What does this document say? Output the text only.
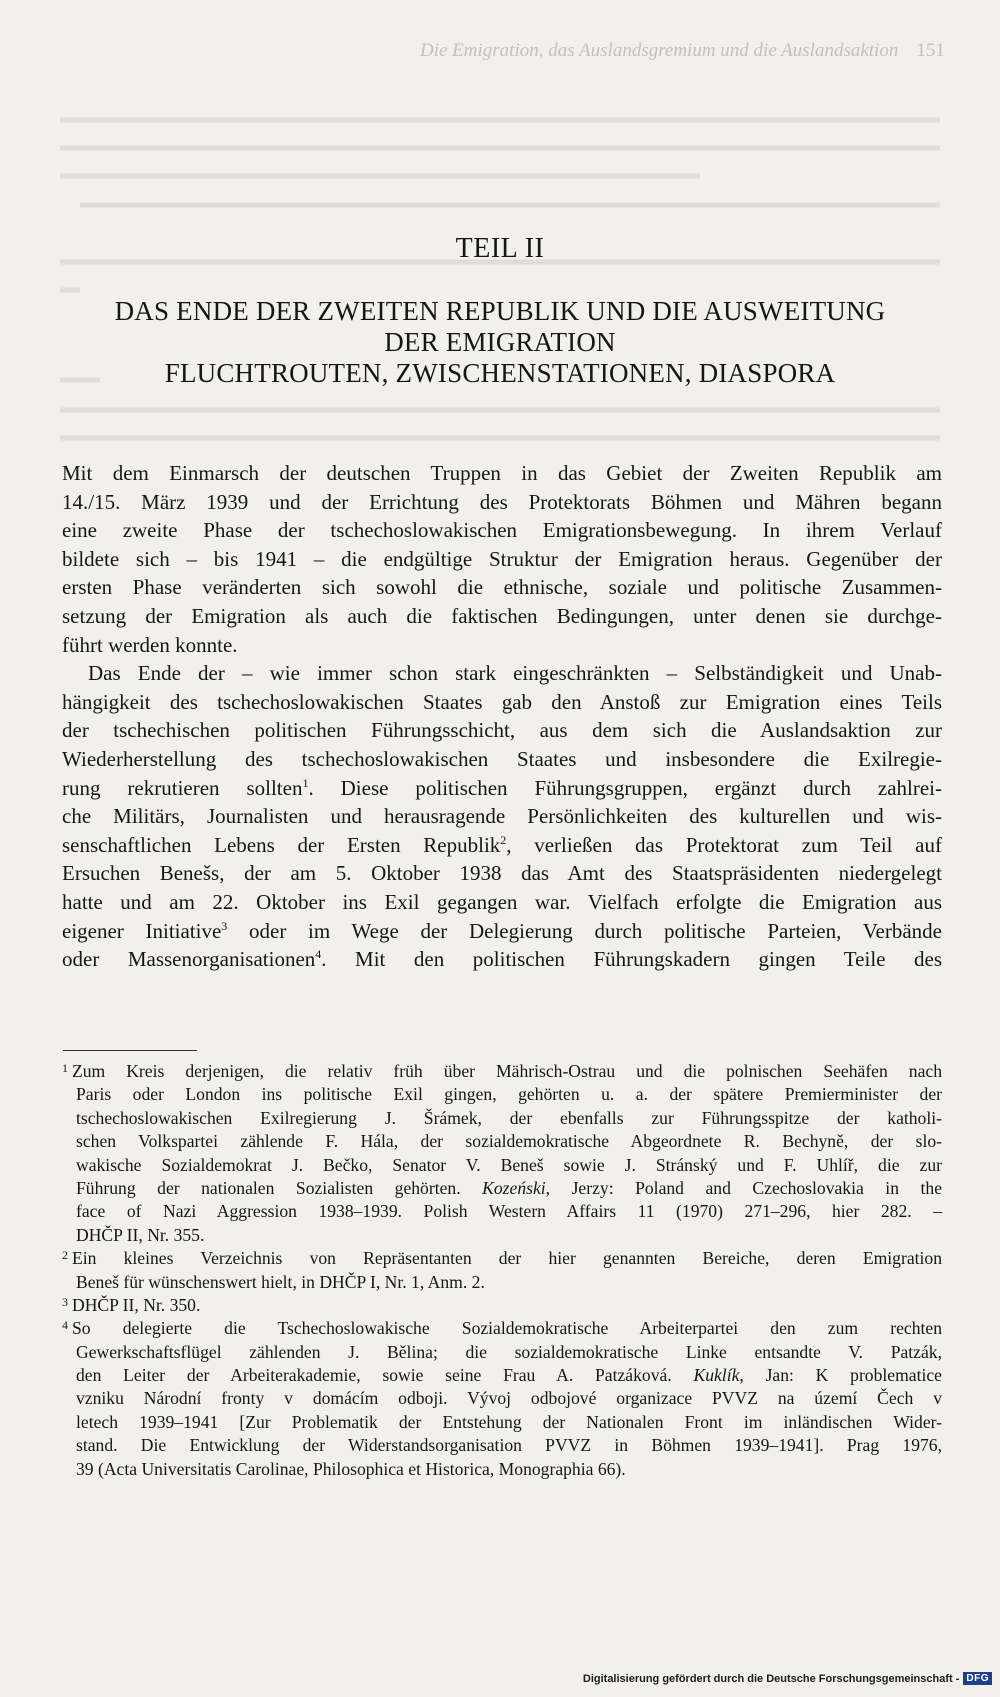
Die Emigration, das Auslandsgremium und die Auslandsaktion 151
TEIL II
DAS ENDE DER ZWEITEN REPUBLIK UND DIE AUSWEITUNG
DER EMIGRATION
FLUCHTROUTEN, ZWISCHENSTATIONEN, DIASPORA
Mit dem Einmarsch der deutschen Truppen in das Gebiet der Zweiten Republik am
14./15. März 1939 und der Errichtung des Protektorats Böhmen und Mähren begann
eine zweite Phase der tschechoslowakischen Emigrationsbewegung. In ihrem Verlauf
bildete sich – bis 1941 – die endgültige Struktur der Emigration heraus. Gegenüber der
ersten Phase veränderten sich sowohl die ethnische, soziale und politische Zusammen-
setzung der Emigration als auch die faktischen Bedingungen, unter denen sie durchge-
führt werden konnte.
Das Ende der – wie immer schon stark eingeschränkten – Selbständigkeit und Unab-
hängigkeit des tschechoslowakischen Staates gab den Anstoß zur Emigration eines Teils
der tschechischen politischen Führungsschicht, aus dem sich die Auslandsaktion zur
Wiederherstellung des tschechoslowakischen Staates und insbesondere die Exilregie-
rung rekrutieren sollten$^1$. Diese politischen Führungsgruppen, ergänzt durch zahlrei-
che Militärs, Journalisten und herausragende Persönlichkeiten des kulturellen und wis-
senschaftlichen Lebens der Ersten Republik$^2$, verließen das Protektorat zum Teil auf
Ersuchen Benešs, der am 5. Oktober 1938 das Amt des Staatspräsidenten niedergelegt
hatte und am 22. Oktober ins Exil gegangen war. Vielfach erfolgte die Emigration aus
eigener Initiative$^3$ oder im Wege der Delegierung durch politische Parteien, Verbände
oder Massenorganisationen$^4$. Mit den politischen Führungskadern gingen Teile des
$^1$ Zum Kreis derjenigen, die relativ früh über Mährisch-Ostrau und die polnischen Seehäfen nach
Paris oder London ins politische Exil gingen, gehörten u. a. der spätere Premierminister der
tschechoslowakischen Exilregierung J. Šrámek, der ebenfalls zur Führungsspitze der katholi-
schen Volkspartei zählende F. Hála, der sozialdemokratische Abgeordnete R. Bechyně, der slo-
wakische Sozialdemokrat J. Bečko, Senator V. Beneš sowie J. Stránský und F. Uhlíř, die zur
Führung der nationalen Sozialisten gehörten. Kozeński, Jerzy: Poland and Czechoslovakia in the
face of Nazi Aggression 1938–1939. Polish Western Affairs 11 (1970) 271–296, hier 282. –
DHČP II, Nr. 355.
$^2$ Ein kleines Verzeichnis von Repräsentanten der hier genannten Bereiche, deren Emigration
Beneš für wünschenswert hielt, in DHČP I, Nr. 1, Anm. 2.
$^3$ DHČP II, Nr. 350.
$^4$ So delegierte die Tschechoslowakische Sozialdemokratische Arbeiterpartei den zum rechten
Gewerkschaftsflügel zählenden J. Bělina; die sozialdemokratische Linke entsandte V. Patzák,
den Leiter der Arbeiterakademie, sowie seine Frau A. Patzáková. Kuklík, Jan: K problematice
vzniku Národní fronty v domácím odboji. Vývoj odbojové organizace PVVZ na území Čech v
letech 1939–1941 [Zur Problematik der Entstehung der Nationalen Front im inländischen Wider-
stand. Die Entwicklung der Widerstandsorganisation PVVZ in Böhmen 1939–1941]. Prag 1976,
39 (Acta Universitatis Carolinae, Philosophica et Historica, Monographia 66).
Digitalisierung gefördert durch die Deutsche Forschungsgemeinschaft - DFG
